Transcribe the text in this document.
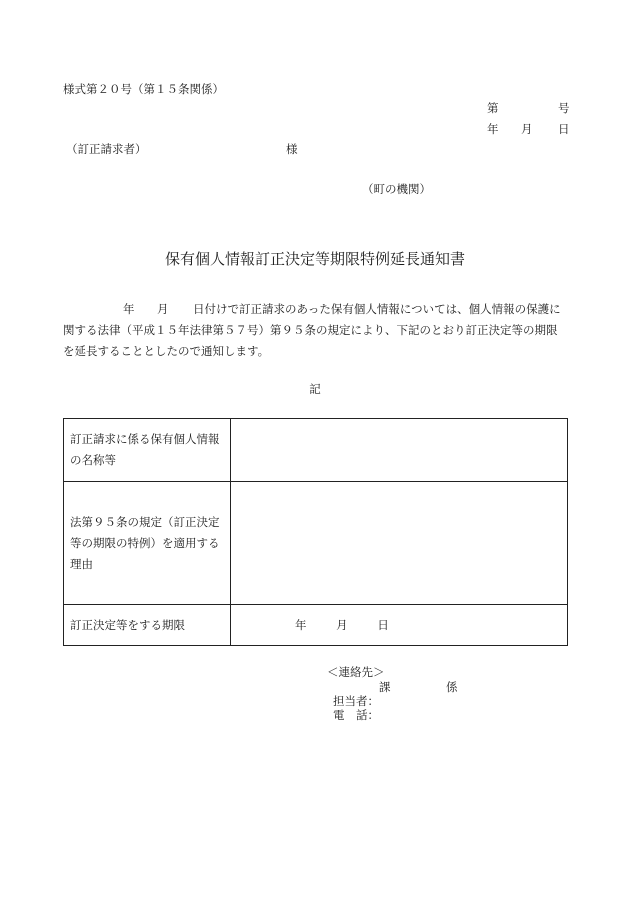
様式第２０号（第１５条関係）
第	号
年 月 日
（訂正請求者）	様
（町の機関）
保有個人情報訂正決定等期限特例延長通知書
年 月 日付けで訂正請求のあった保有個人情報については、個人情報の保護に
関する法律（平成１５年法律第５７号）第９５条の規定により、下記のとおり訂正決定等の期限
を延長することとしたので通知します。
記
訂正請求に係る保有個人情報
の名称等	

法第９５条の規定（訂正決定
等の期限の特例）を適用する
理由	

訂正決定等をする期限	年 月 日
＜連絡先＞
課	係
担当者：
電　話：
